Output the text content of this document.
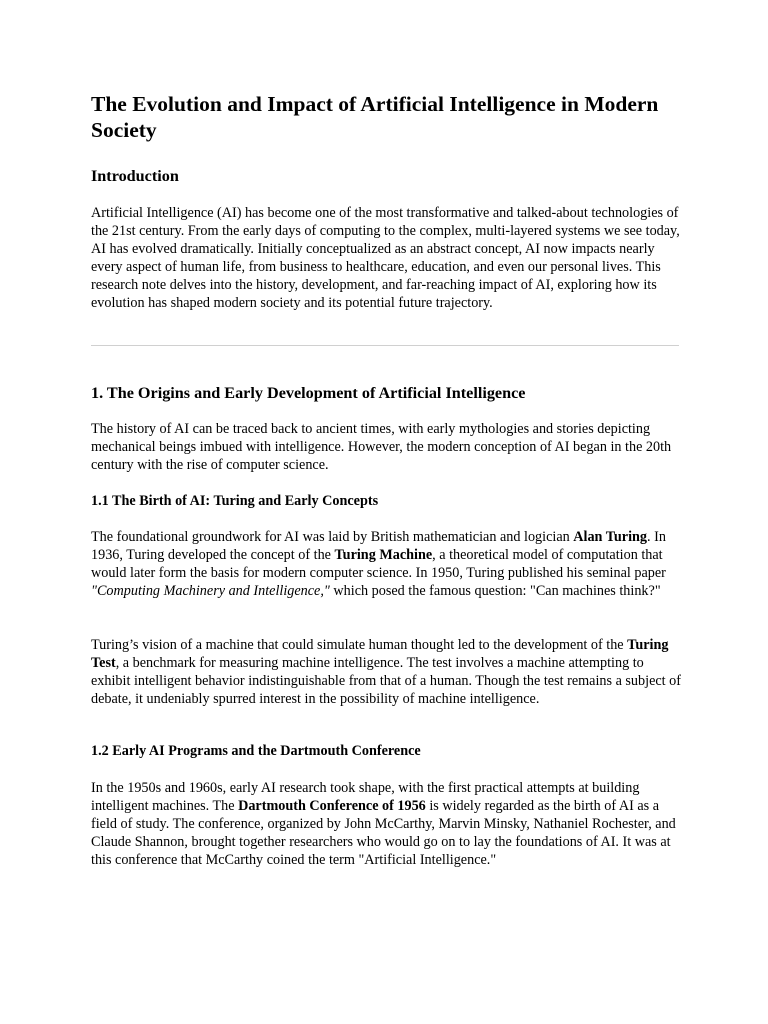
The Evolution and Impact of Artificial Intelligence in Modern Society
Introduction

Artificial Intelligence (AI) has become one of the most transformative and talked-about technologies of the 21st century. From the early days of computing to the complex, multi-layered systems we see today, AI has evolved dramatically. Initially conceptualized as an abstract concept, AI now impacts nearly every aspect of human life, from business to healthcare, education, and even our personal lives. This research note delves into the history, development, and far-reaching impact of AI, exploring how its evolution has shaped modern society and its potential future trajectory.

1. The Origins and Early Development of Artificial Intelligence

The history of AI can be traced back to ancient times, with early mythologies and stories depicting mechanical beings imbued with intelligence. However, the modern conception of AI began in the 20th century with the rise of computer science.

1.1 The Birth of AI: Turing and Early Concepts

The foundational groundwork for AI was laid by British mathematician and logician Alan Turing. In 1936, Turing developed the concept of the Turing Machine, a theoretical model of computation that would later form the basis for modern computer science. In 1950, Turing published his seminal paper "Computing Machinery and Intelligence," which posed the famous question: "Can machines think?"

Turing’s vision of a machine that could simulate human thought led to the development of the Turing Test, a benchmark for measuring machine intelligence. The test involves a machine attempting to exhibit intelligent behavior indistinguishable from that of a human. Though the test remains a subject of debate, it undeniably spurred interest in the possibility of machine intelligence.

1.2 Early AI Programs and the Dartmouth Conference

In the 1950s and 1960s, early AI research took shape, with the first practical attempts at building intelligent machines. The Dartmouth Conference of 1956 is widely regarded as the birth of AI as a field of study. The conference, organized by John McCarthy, Marvin Minsky, Nathaniel Rochester, and Claude Shannon, brought together researchers who would go on to lay the foundations of AI. It was at this conference that McCarthy coined the term "Artificial Intelligence."
